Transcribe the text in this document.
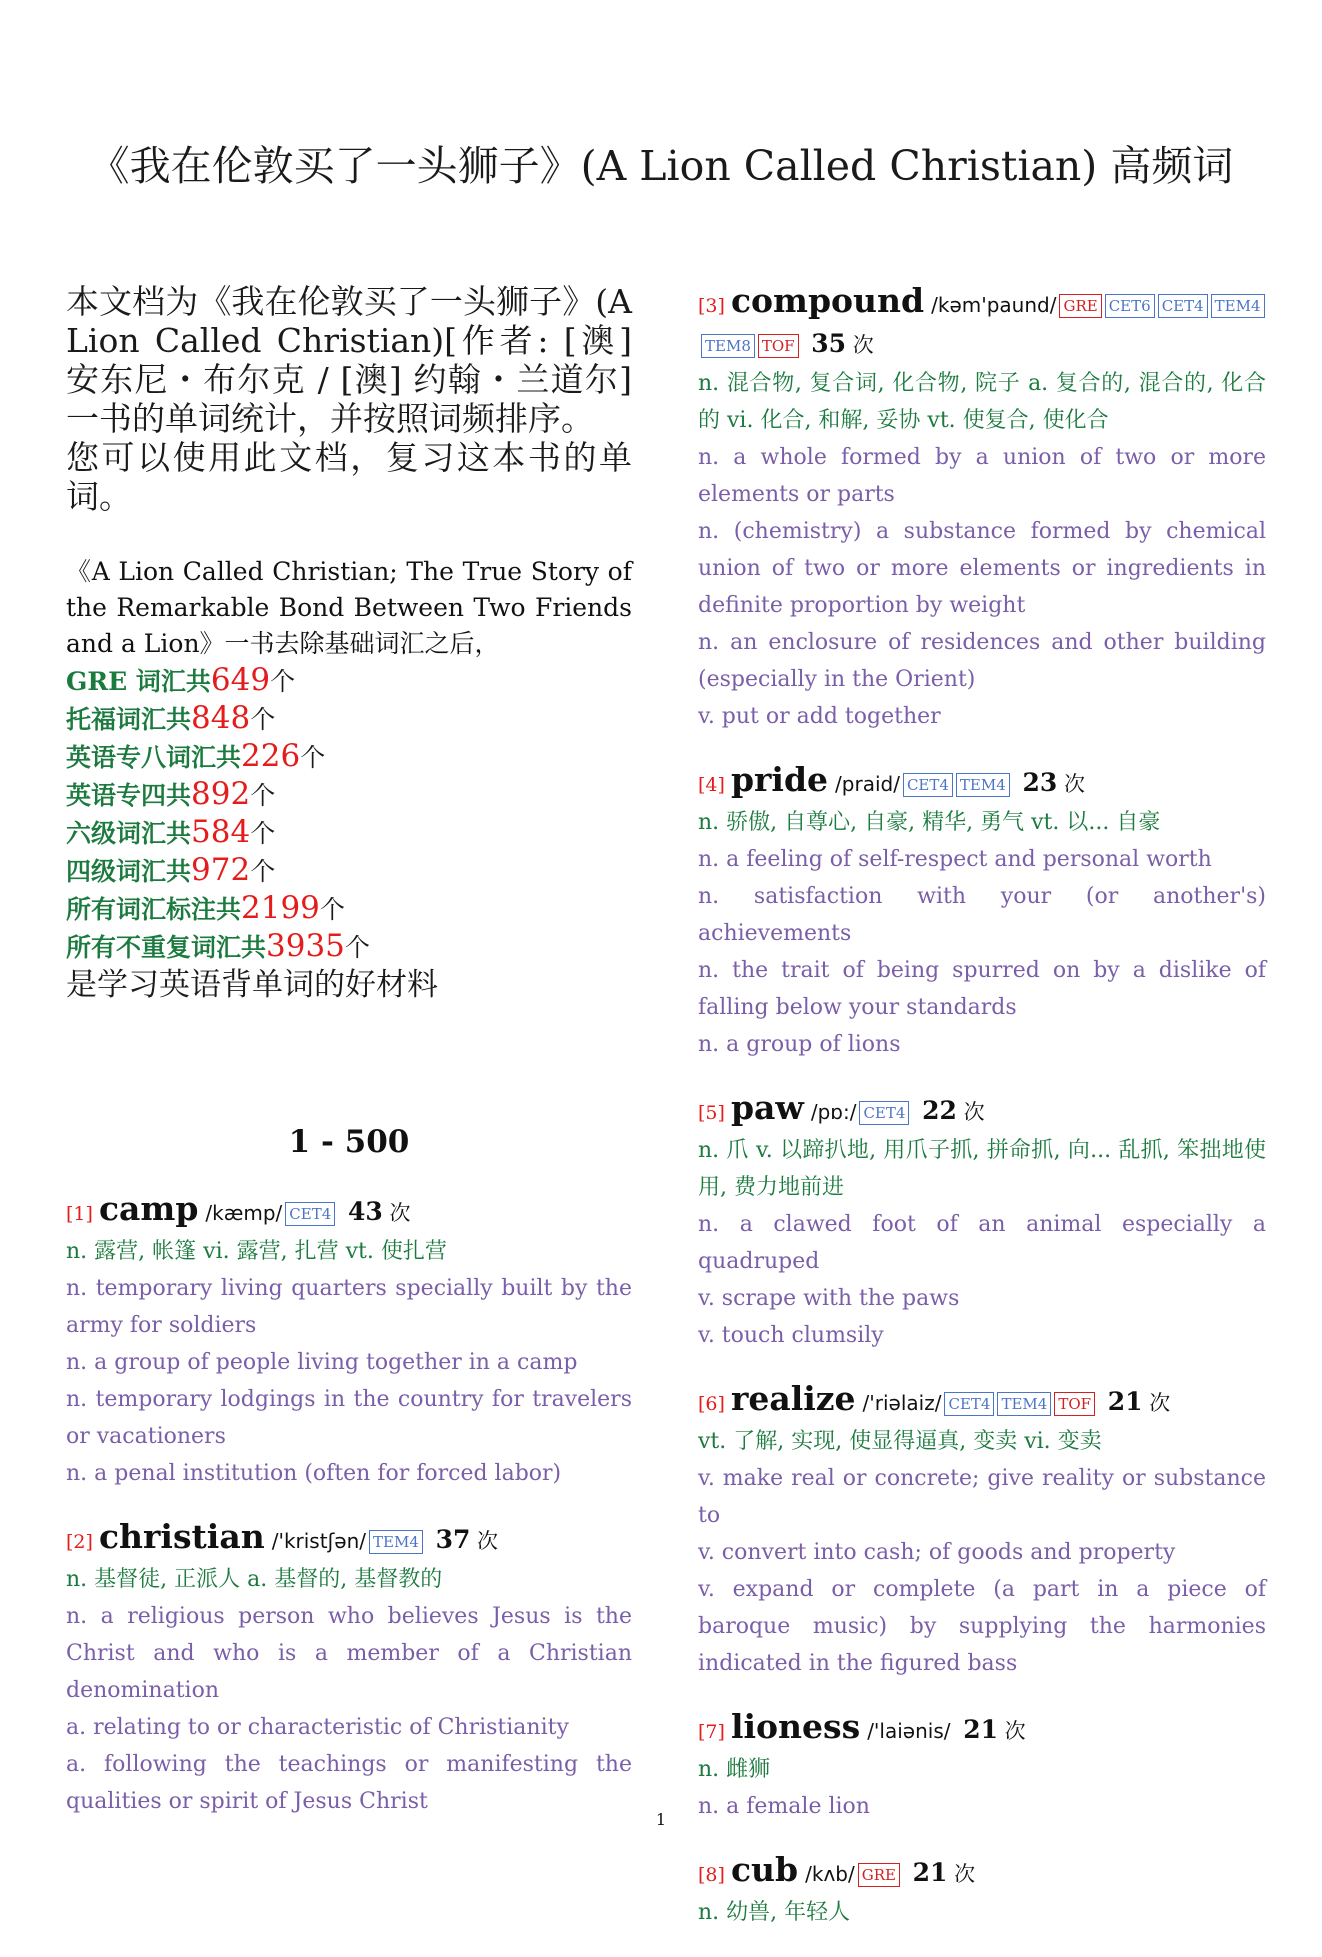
《我在伦敦买了一头狮子》(A Lion Called Christian) 高频词

本文档为《我在伦敦买了一头狮子》(A Lion Called Christian)[作者: [澳] 安东尼・布尔克 / [澳] 约翰・兰道尔] 一书的单词统计，并按照词频排序。

您可以使用此文档，复习这本书的单词。

《A Lion Called Christian; The True Story of the Remarkable Bond Between Two Friends and a Lion》一书去除基础词汇之后，

GRE 词汇共649个
托福词汇共848个
英语专八词汇共226个
英语专四共892个
六级词汇共584个
四级词汇共972个
所有词汇标注共2199个
所有不重复词汇共3935个
是学习英语背单词的好材料
1 - 500
[1] camp /kæmp/ CET4 43 次
n. 露营, 帐篷 vi. 露营, 扎营 vt. 使扎营
n. temporary living quarters specially built by the army for soldiers
n. a group of people living together in a camp
n. temporary lodgings in the country for travelers or vacationers
n. a penal institution (often for forced labor)
[2] christian /'kristʃən/ TEM4 37 次
n. 基督徒, 正派人 a. 基督的, 基督教的
n. a religious person who believes Jesus is the Christ and who is a member of a Christian denomination
a. relating to or characteristic of Christianity
a. following the teachings or manifesting the qualities or spirit of Jesus Christ
[3] compound /kəm'paund/ GRE CET6 CET4 TEM4TEM8 TOF 35 次
n. 混合物, 复合词, 化合物, 院子 a. 复合的, 混合的, 化合的 vi. 化合, 和解, 妥协 vt. 使复合, 使化合
n. a whole formed by a union of two or more elements or parts
n. (chemistry) a substance formed by chemical union of two or more elements or ingredients in definite proportion by weight
n. an enclosure of residences and other building (especially in the Orient)
v. put or add together
[4] pride /praid/ CET4 TEM4 23 次
n. 骄傲, 自尊心, 自豪, 精华, 勇气 vt. 以... 自豪
n. a feeling of self-respect and personal worth
n. satisfaction with your (or another's) achievements
n. the trait of being spurred on by a dislike of falling below your standards
n. a group of lions
[5] paw /pɒ:/ CET4 22 次
n. 爪 v. 以蹄扒地, 用爪子抓, 拼命抓, 向... 乱抓, 笨拙地使用, 费力地前进
n. a clawed foot of an animal especially a quadruped
v. scrape with the paws
v. touch clumsily
[6] realize /'riəlaiz/ CET4 TEM4 TOF 21 次
vt. 了解, 实现, 使显得逼真, 变卖 vi. 变卖
v. make real or concrete; give reality or substance to
v. convert into cash; of goods and property
v. expand or complete (a part in a piece of baroque music) by supplying the harmonies indicated in the figured bass
[7] lioness /'laiənis/ 21 次
n. 雌狮
n. a female lion
[8] cub /kʌb/ GRE 21 次
n. 幼兽, 年轻人
1
